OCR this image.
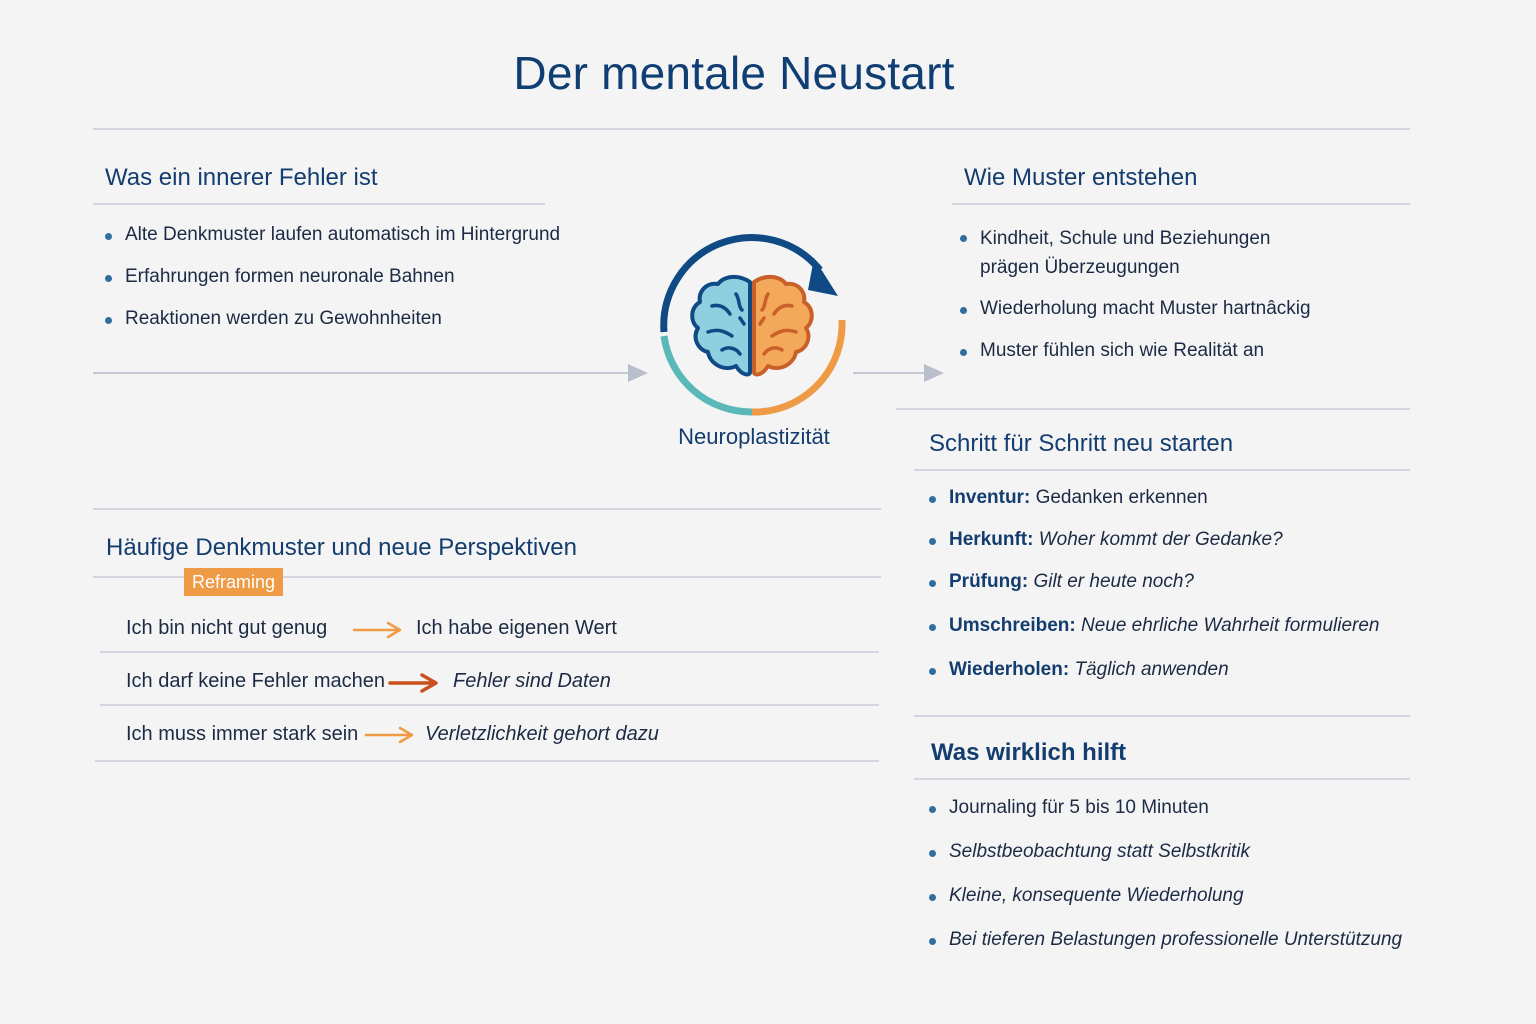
Der mentale Neustart
Was ein innerer Fehler ist
Alte Denkmuster laufen automatisch im Hintergrund
Erfahrungen formen neuronale Bahnen
Reaktionen werden zu Gewohnheiten
Neuroplastizität
Wie Muster entstehen
Kindheit, Schule und Beziehungen
prägen Überzeugungen
Wiederholung macht Muster hartnâckig
Muster fühlen sich wie Realität an
Schritt für Schritt neu starten
Inventur: Gedanken erkennen
Herkunft: Woher kommt der Gedanke?
Prüfung: Gilt er heute noch?
Umschreiben: Neue ehrliche Wahrheit formulieren
Wiederholen: Täglich anwenden
Was wirklich hilft
Journaling für 5 bis 10 Minuten
Selbstbeobachtung statt Selbstkritik
Kleine, konsequente Wiederholung
Bei tieferen Belastungen professionelle Unterstützung
Häufige Denkmuster und neue Perspektiven
Reframing
Ich bin nicht gut genug	Ich habe eigenen Wert
Ich darf keine Fehler machen	Fehler sind Daten
Ich muss immer stark sein	Verletzlichkeit gehort dazu
